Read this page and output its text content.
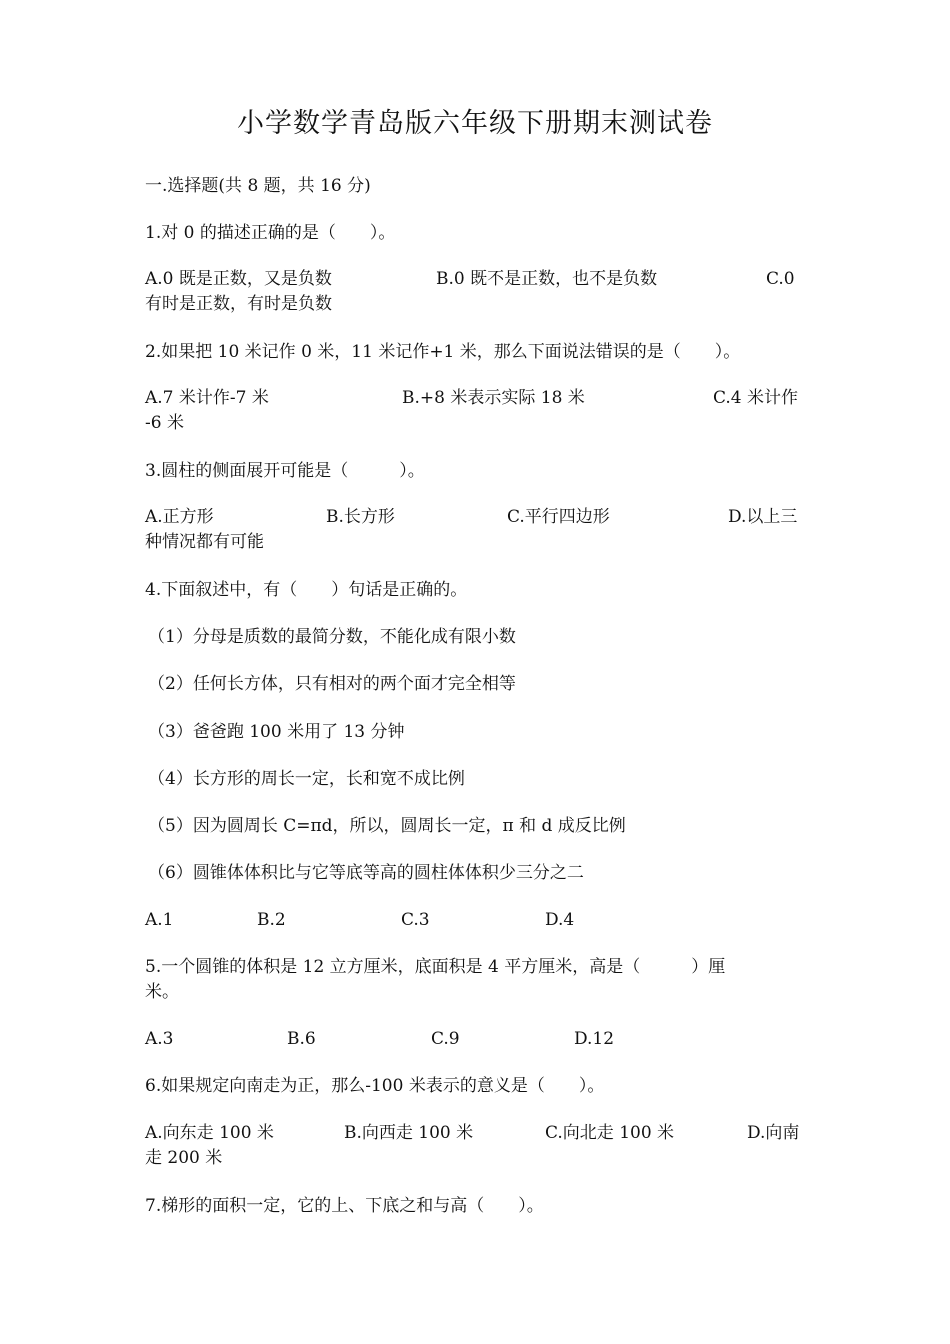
小学数学青岛版六年级下册期末测试卷
一.选择题(共 8 题，共 16 分)
1.对 0 的描述正确的是（　　）。
A.0 既是正数，又是负数	B.0 既不是正数，也不是负数	C.0
有时是正数，有时是负数
2.如果把 10 米记作 0 米，11 米记作+1 米，那么下面说法错误的是（　　）。
A.7 米计作-7 米	B.+8 米表示实际 18 米	C.4 米计作
-6 米
3.圆柱的侧面展开可能是（　　　）。
A.正方形	B.长方形	C.平行四边形	D.以上三
种情况都有可能
4.下面叙述中，有（　　）句话是正确的。
（1）分母是质数的最简分数，不能化成有限小数
（2）任何长方体，只有相对的两个面才完全相等
（3）爸爸跑 100 米用了 13 分钟
（4）长方形的周长一定，长和宽不成比例
（5）因为圆周长 C=πd，所以，圆周长一定，π 和 d 成反比例
（6）圆锥体体积比与它等底等高的圆柱体体积少三分之二
A.1	B.2	C.3	D.4
5.一个圆锥的体积是 12 立方厘米，底面积是 4 平方厘米，高是（　　　）厘
米。
A.3	B.6	C.9	D.12
6.如果规定向南走为正，那么-100 米表示的意义是（　　）。
A.向东走 100 米	B.向西走 100 米	C.向北走 100 米	D.向南
走 200 米
7.梯形的面积一定，它的上、下底之和与高（　　）。
